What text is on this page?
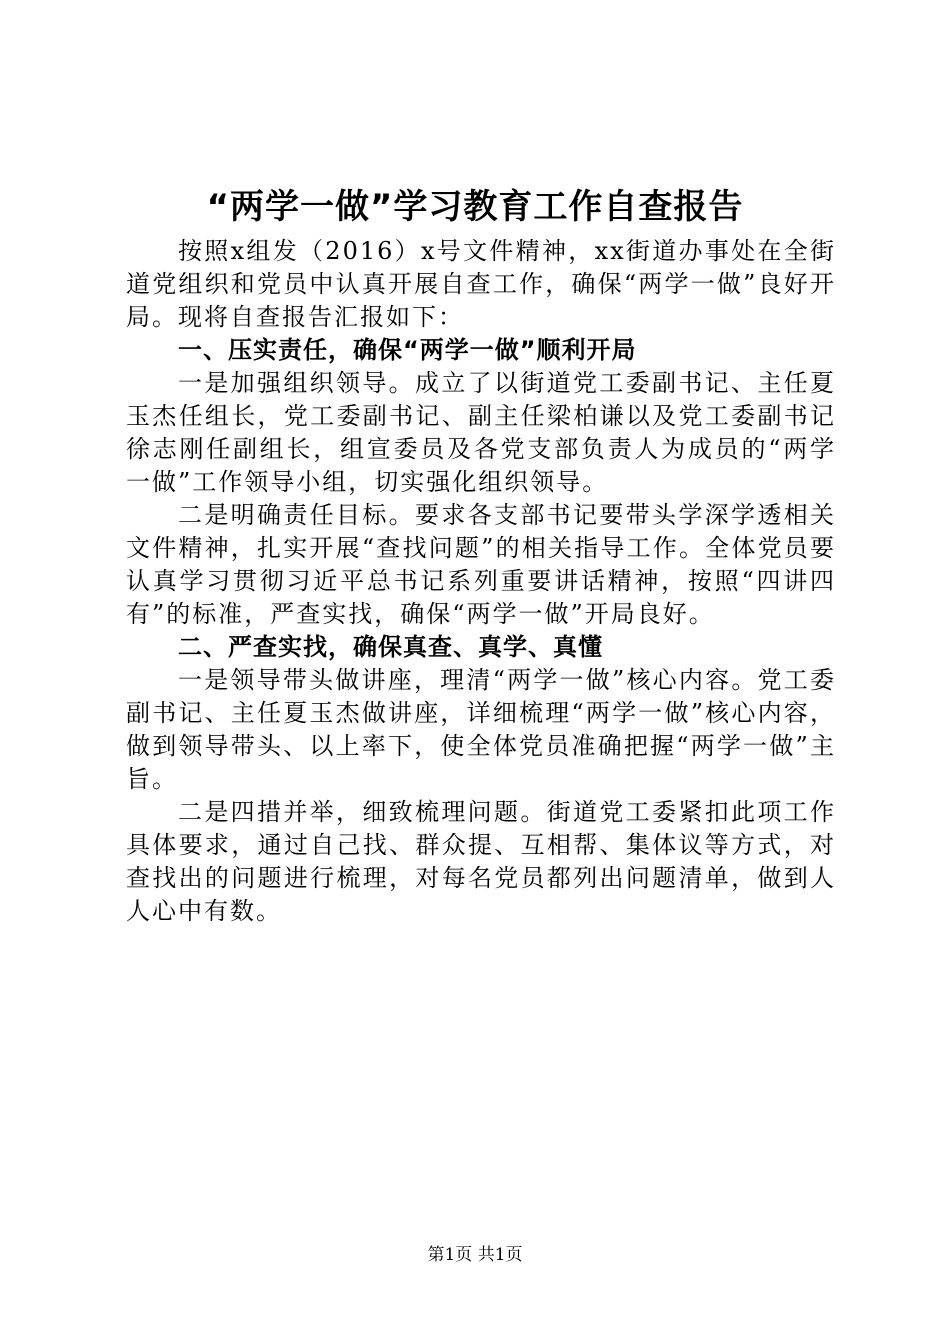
“两学一做”学习教育工作自查报告

按照x组发（2016）x号文件精神，xx街道办事处在全街道党组织和党员中认真开展自查工作，确保“两学一做”良好开局。现将自查报告汇报如下：

一、压实责任，确保“两学一做”顺利开局

一是加强组织领导。成立了以街道党工委副书记、主任夏玉杰任组长，党工委副书记、副主任梁柏谦以及党工委副书记徐志刚任副组长，组宣委员及各党支部负责人为成员的“两学一做”工作领导小组，切实强化组织领导。

二是明确责任目标。要求各支部书记要带头学深学透相关文件精神，扎实开展“查找问题”的相关指导工作。全体党员要认真学习贯彻习近平总书记系列重要讲话精神，按照“四讲四有”的标准，严查实找，确保“两学一做”开局良好。

二、严查实找，确保真查、真学、真懂

一是领导带头做讲座，理清“两学一做”核心内容。党工委副书记、主任夏玉杰做讲座，详细梳理“两学一做”核心内容，做到领导带头、以上率下，使全体党员准确把握“两学一做”主旨。

二是四措并举，细致梳理问题。街道党工委紧扣此项工作具体要求，通过自己找、群众提、互相帮、集体议等方式，对查找出的问题进行梳理，对每名党员都列出问题清单，做到人人心中有数。

第1页 共1页
